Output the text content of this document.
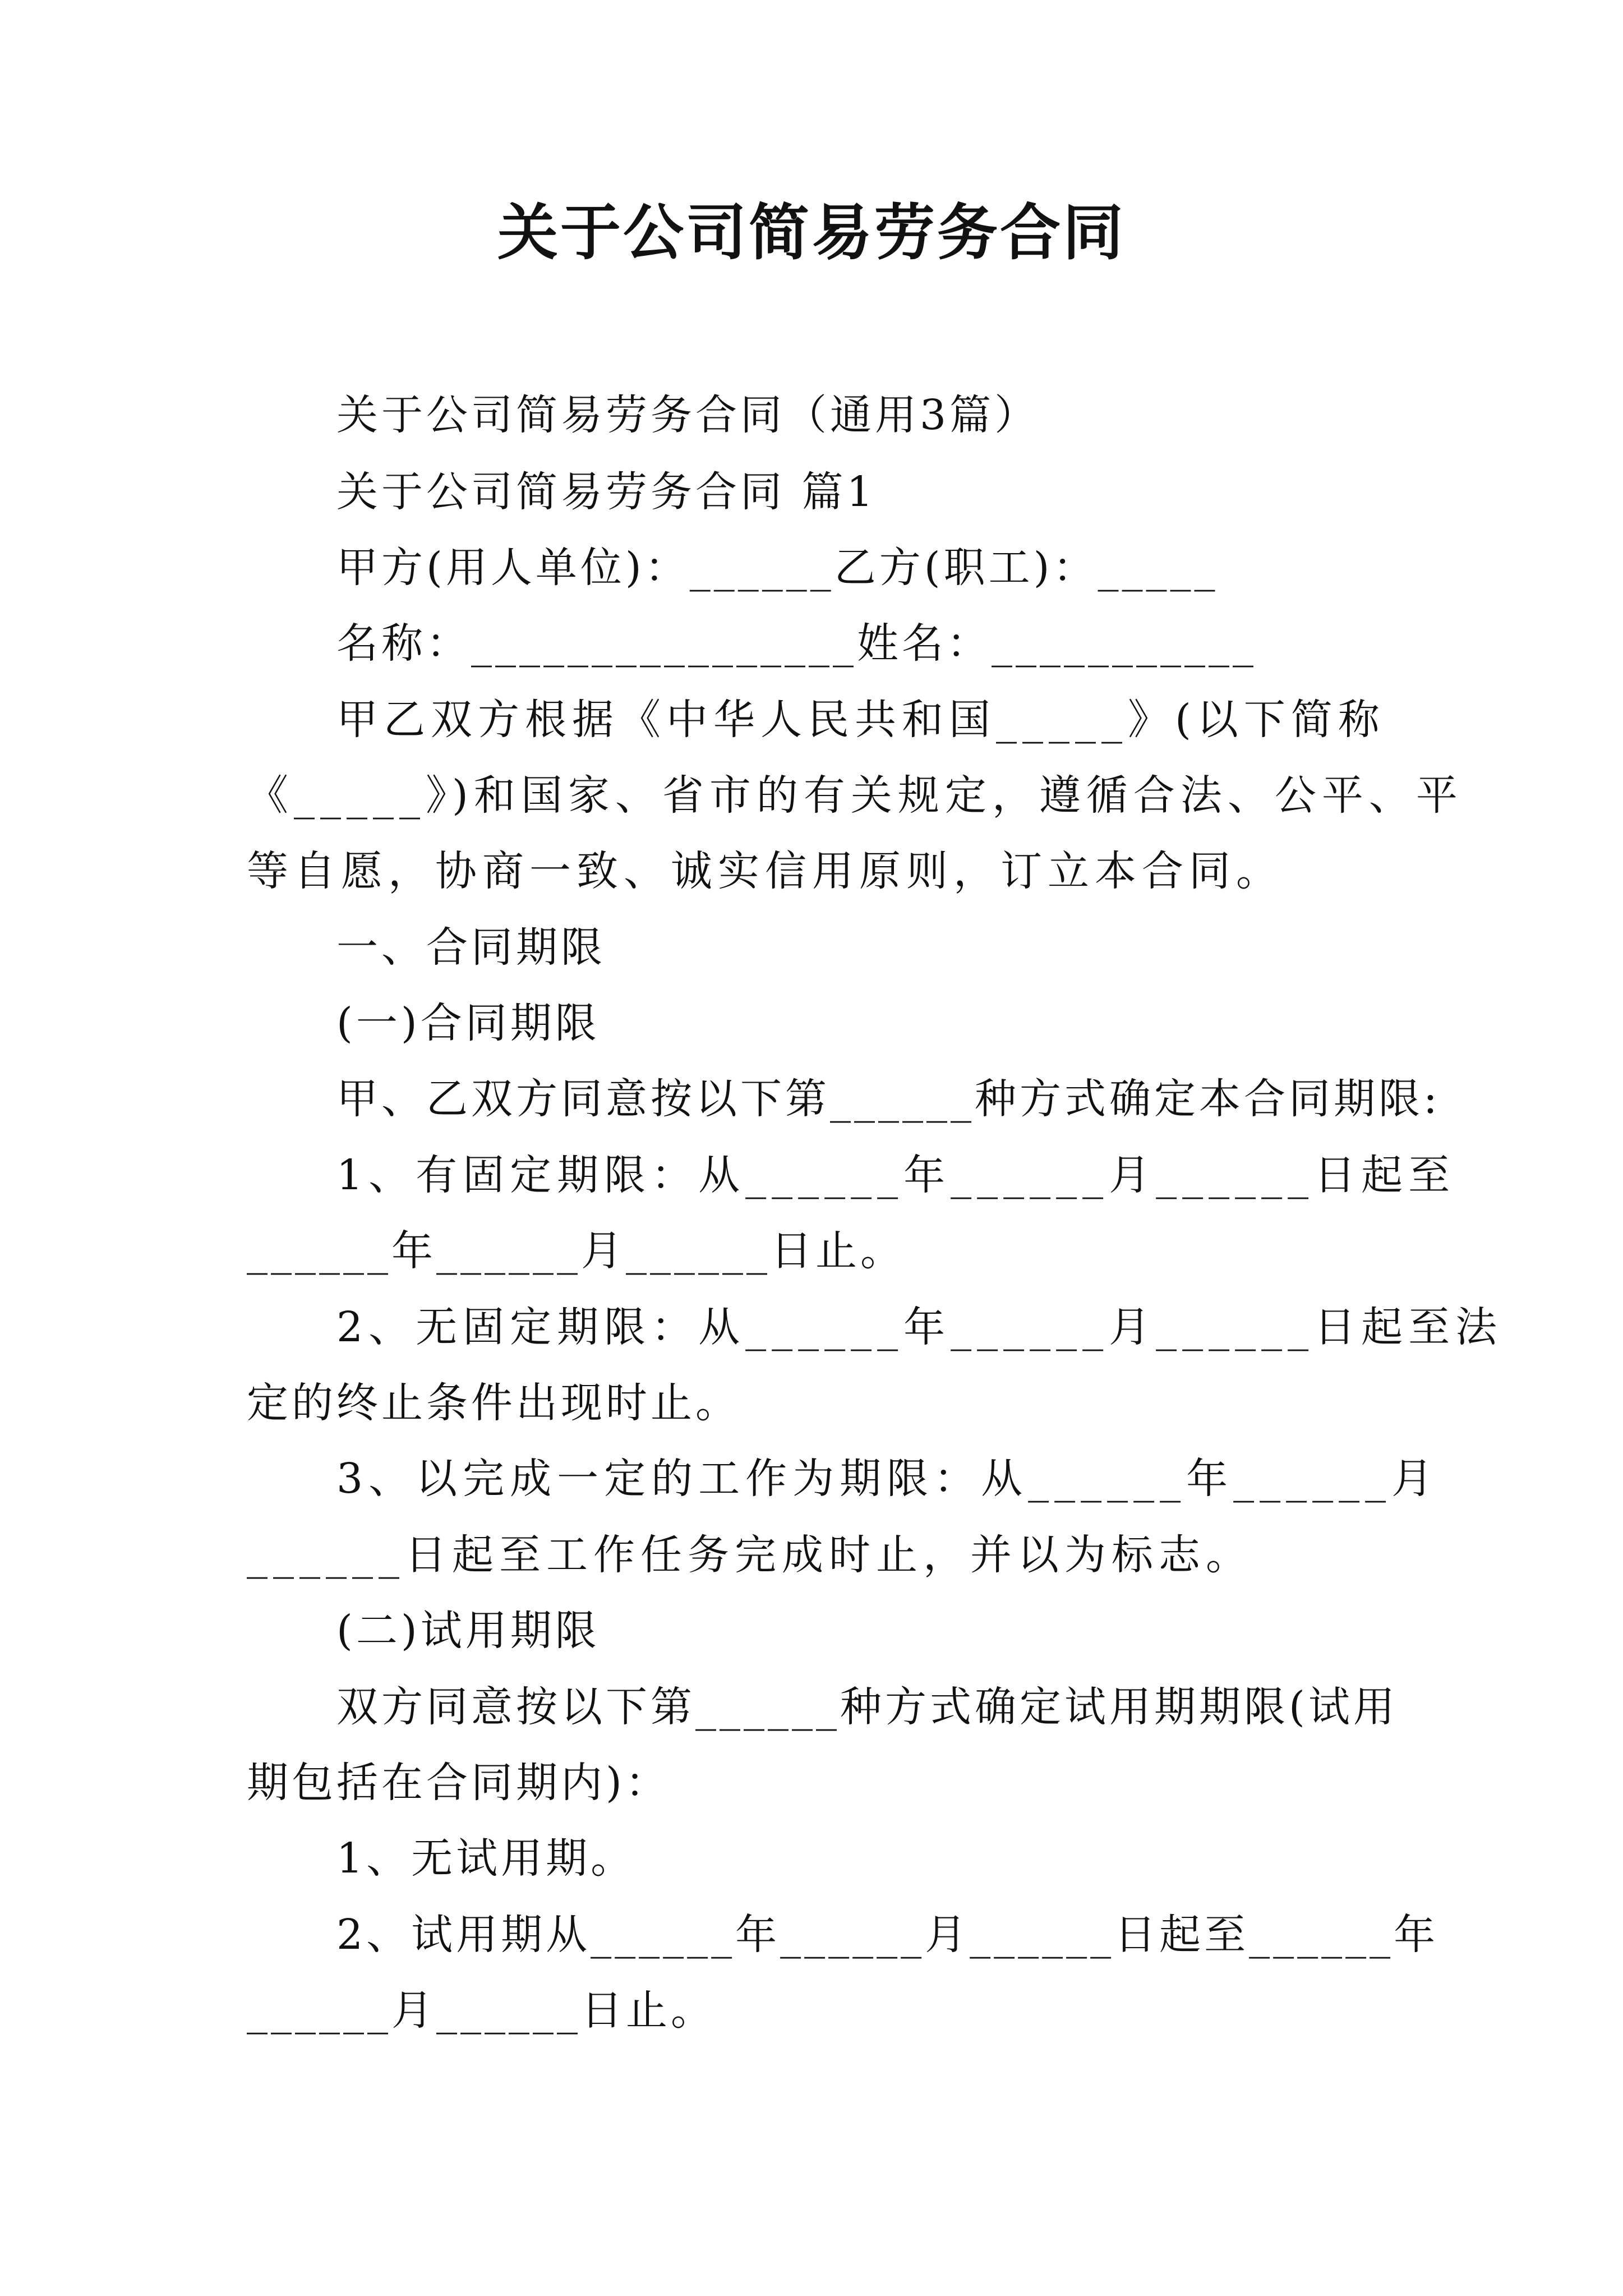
关于公司简易劳务合同
关于公司简易劳务合同（通用3篇）
关于公司简易劳务合同 篇1
甲方(用人单位)：______乙方(职工)：_____
名称：________________姓名：___________
甲乙双方根据《中华人民共和国_____》(以下简称
《_____》)和国家、省市的有关规定，遵循合法、公平、平
等自愿，协商一致、诚实信用原则，订立本合同。
一、合同期限
(一)合同期限
甲、乙双方同意按以下第______种方式确定本合同期限:
1、有固定期限：从______年______月______日起至
______年______月______日止。
2、无固定期限：从______年______月______日起至法
定的终止条件出现时止。
3、以完成一定的工作为期限：从______年______月
______日起至工作任务完成时止，并以为标志。
(二)试用期限
双方同意按以下第______种方式确定试用期期限(试用
期包括在合同期内)：
1、无试用期。
2、试用期从______年______月______日起至______年
______月______日止。
